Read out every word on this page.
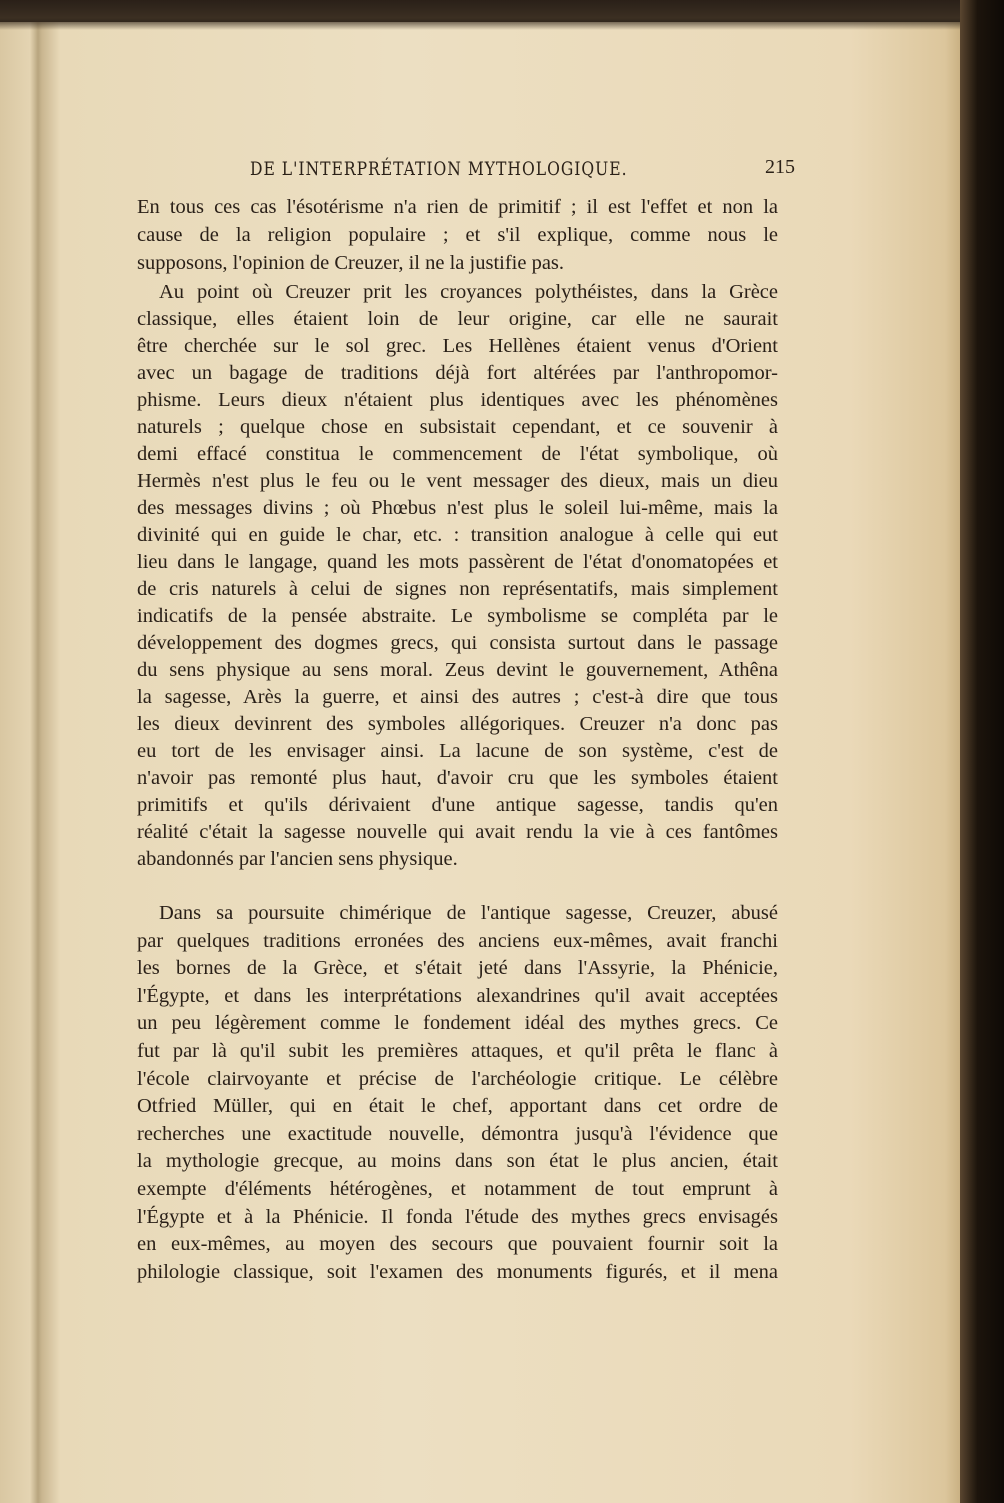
DE L'INTERPRÉTATION MYTHOLOGIQUE.	215
En tous ces cas l'ésotérisme n'a rien de primitif ; il est l'effet et non la
cause de la religion populaire ; et s'il explique, comme nous le
supposons, l'opinion de Creuzer, il ne la justifie pas.
Au point où Creuzer prit les croyances polythéistes, dans la Grèce
classique, elles étaient loin de leur origine, car elle ne saurait
être cherchée sur le sol grec. Les Hellènes étaient venus d'Orient
avec un bagage de traditions déjà fort altérées par l'anthropomor-
phisme. Leurs dieux n'étaient plus identiques avec les phénomènes
naturels ; quelque chose en subsistait cependant, et ce souvenir à
demi effacé constitua le commencement de l'état symbolique, où
Hermès n'est plus le feu ou le vent messager des dieux, mais un dieu
des messages divins ; où Phœbus n'est plus le soleil lui-même, mais la
divinité qui en guide le char, etc. : transition analogue à celle qui eut
lieu dans le langage, quand les mots passèrent de l'état d'onomatopées et
de cris naturels à celui de signes non représentatifs, mais simplement
indicatifs de la pensée abstraite. Le symbolisme se compléta par le
développement des dogmes grecs, qui consista surtout dans le passage
du sens physique au sens moral. Zeus devint le gouvernement, Athêna
la sagesse, Arès la guerre, et ainsi des autres ; c'est-à dire que tous
les dieux devinrent des symboles allégoriques. Creuzer n'a donc pas
eu tort de les envisager ainsi. La lacune de son système, c'est de
n'avoir pas remonté plus haut, d'avoir cru que les symboles étaient
primitifs et qu'ils dérivaient d'une antique sagesse, tandis qu'en
réalité c'était la sagesse nouvelle qui avait rendu la vie à ces fantômes
abandonnés par l'ancien sens physique.
Dans sa poursuite chimérique de l'antique sagesse, Creuzer, abusé
par quelques traditions erronées des anciens eux-mêmes, avait franchi
les bornes de la Grèce, et s'était jeté dans l'Assyrie, la Phénicie,
l'Égypte, et dans les interprétations alexandrines qu'il avait acceptées
un peu légèrement comme le fondement idéal des mythes grecs. Ce
fut par là qu'il subit les premières attaques, et qu'il prêta le flanc à
l'école clairvoyante et précise de l'archéologie critique. Le célèbre
Otfried Müller, qui en était le chef, apportant dans cet ordre de
recherches une exactitude nouvelle, démontra jusqu'à l'évidence que
la mythologie grecque, au moins dans son état le plus ancien, était
exempte d'éléments hétérogènes, et notamment de tout emprunt à
l'Égypte et à la Phénicie. Il fonda l'étude des mythes grecs envisagés
en eux-mêmes, au moyen des secours que pouvaient fournir soit la
philologie classique, soit l'examen des monuments figurés, et il mena
